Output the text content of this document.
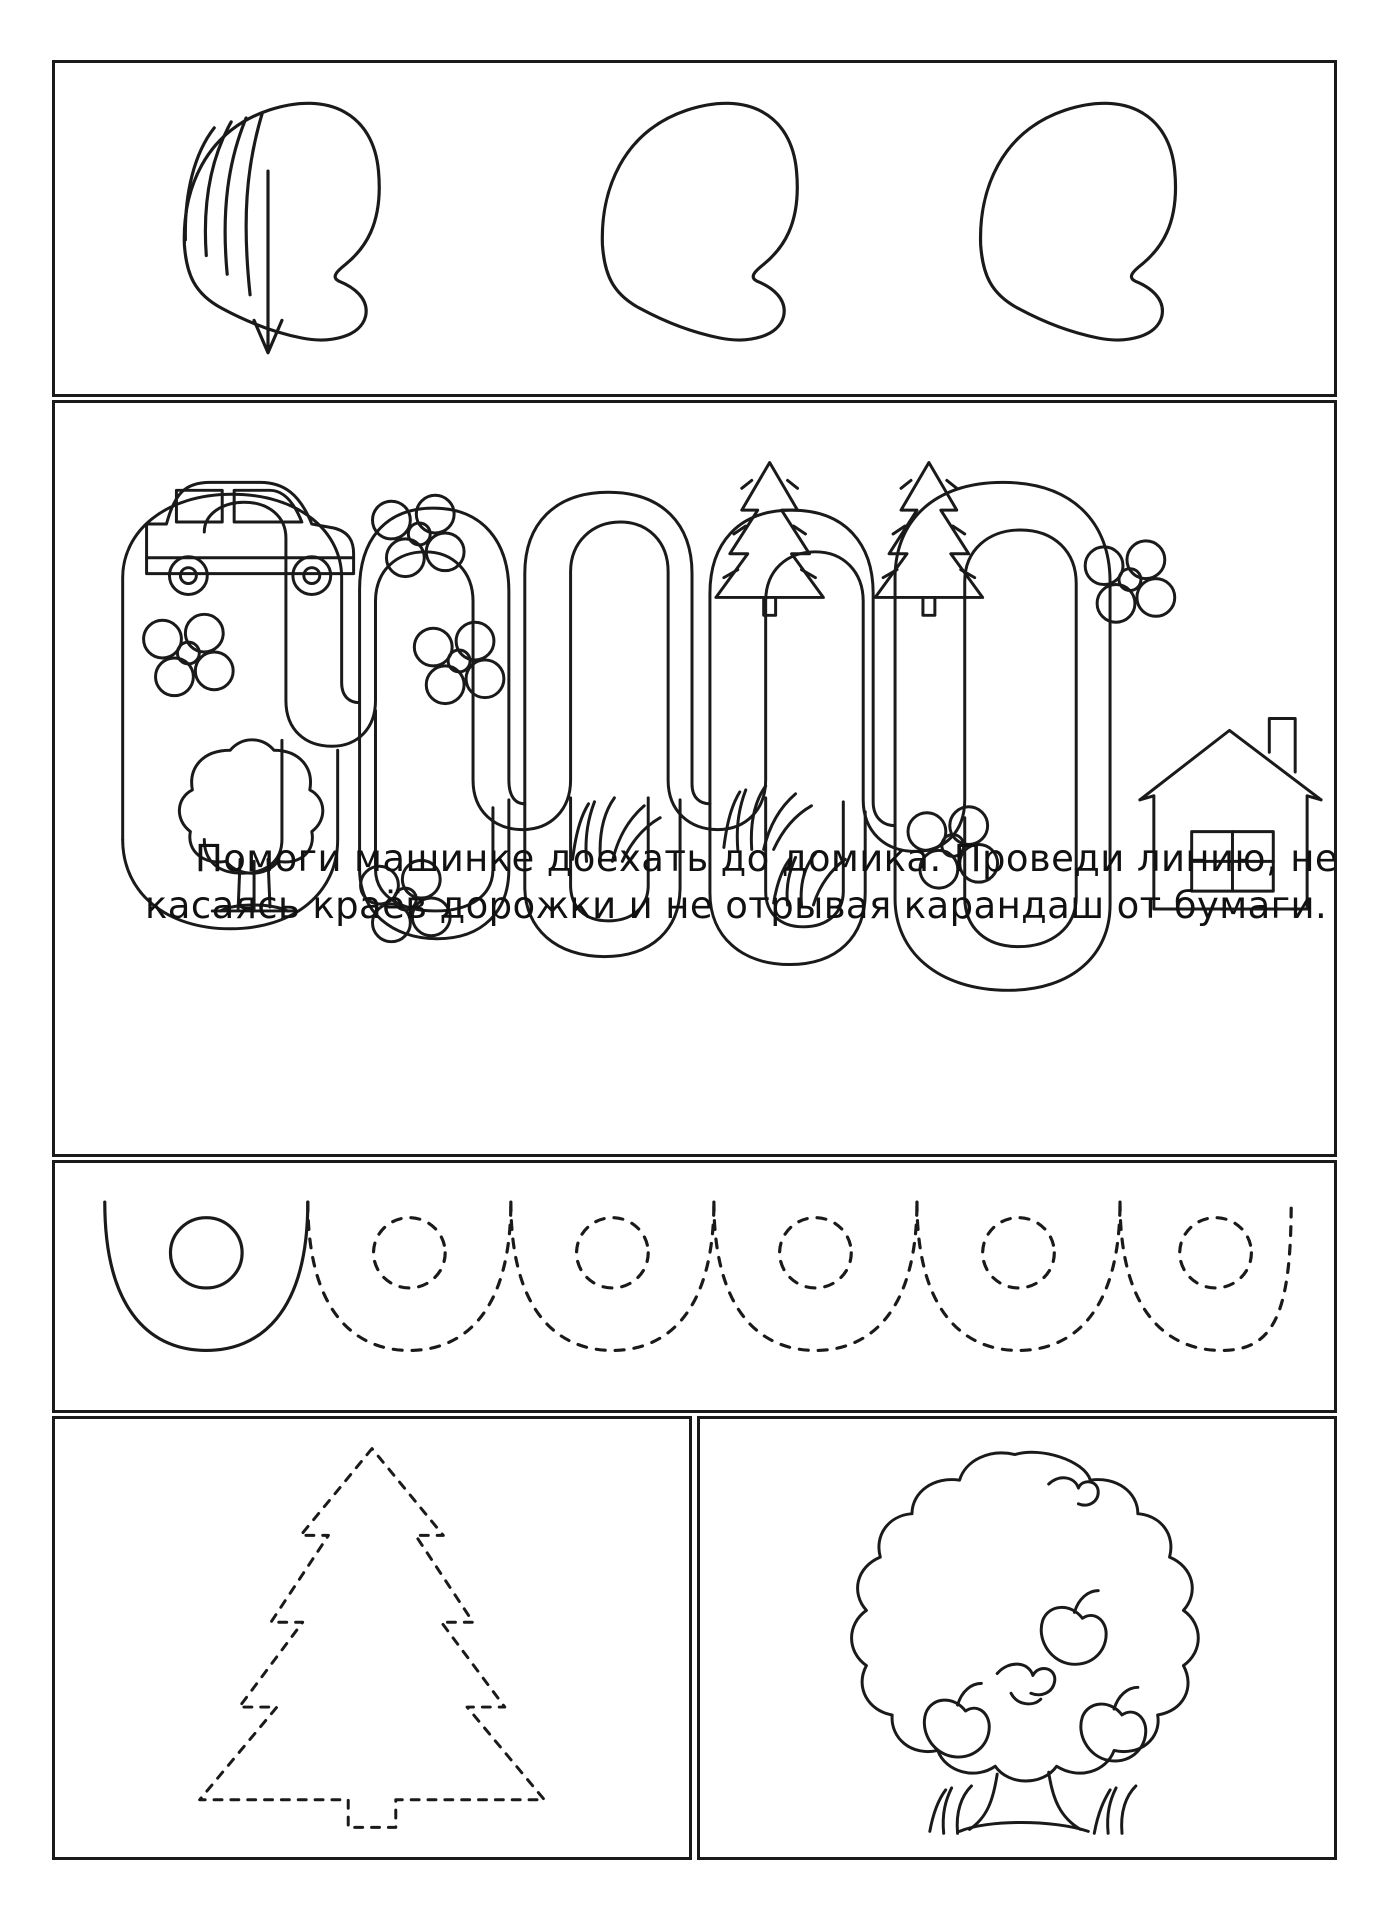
Помоги машинке доехать до домика. Проведи линию, не касаясь краёв дорожки и не отрывая карандаш от бумаги.
